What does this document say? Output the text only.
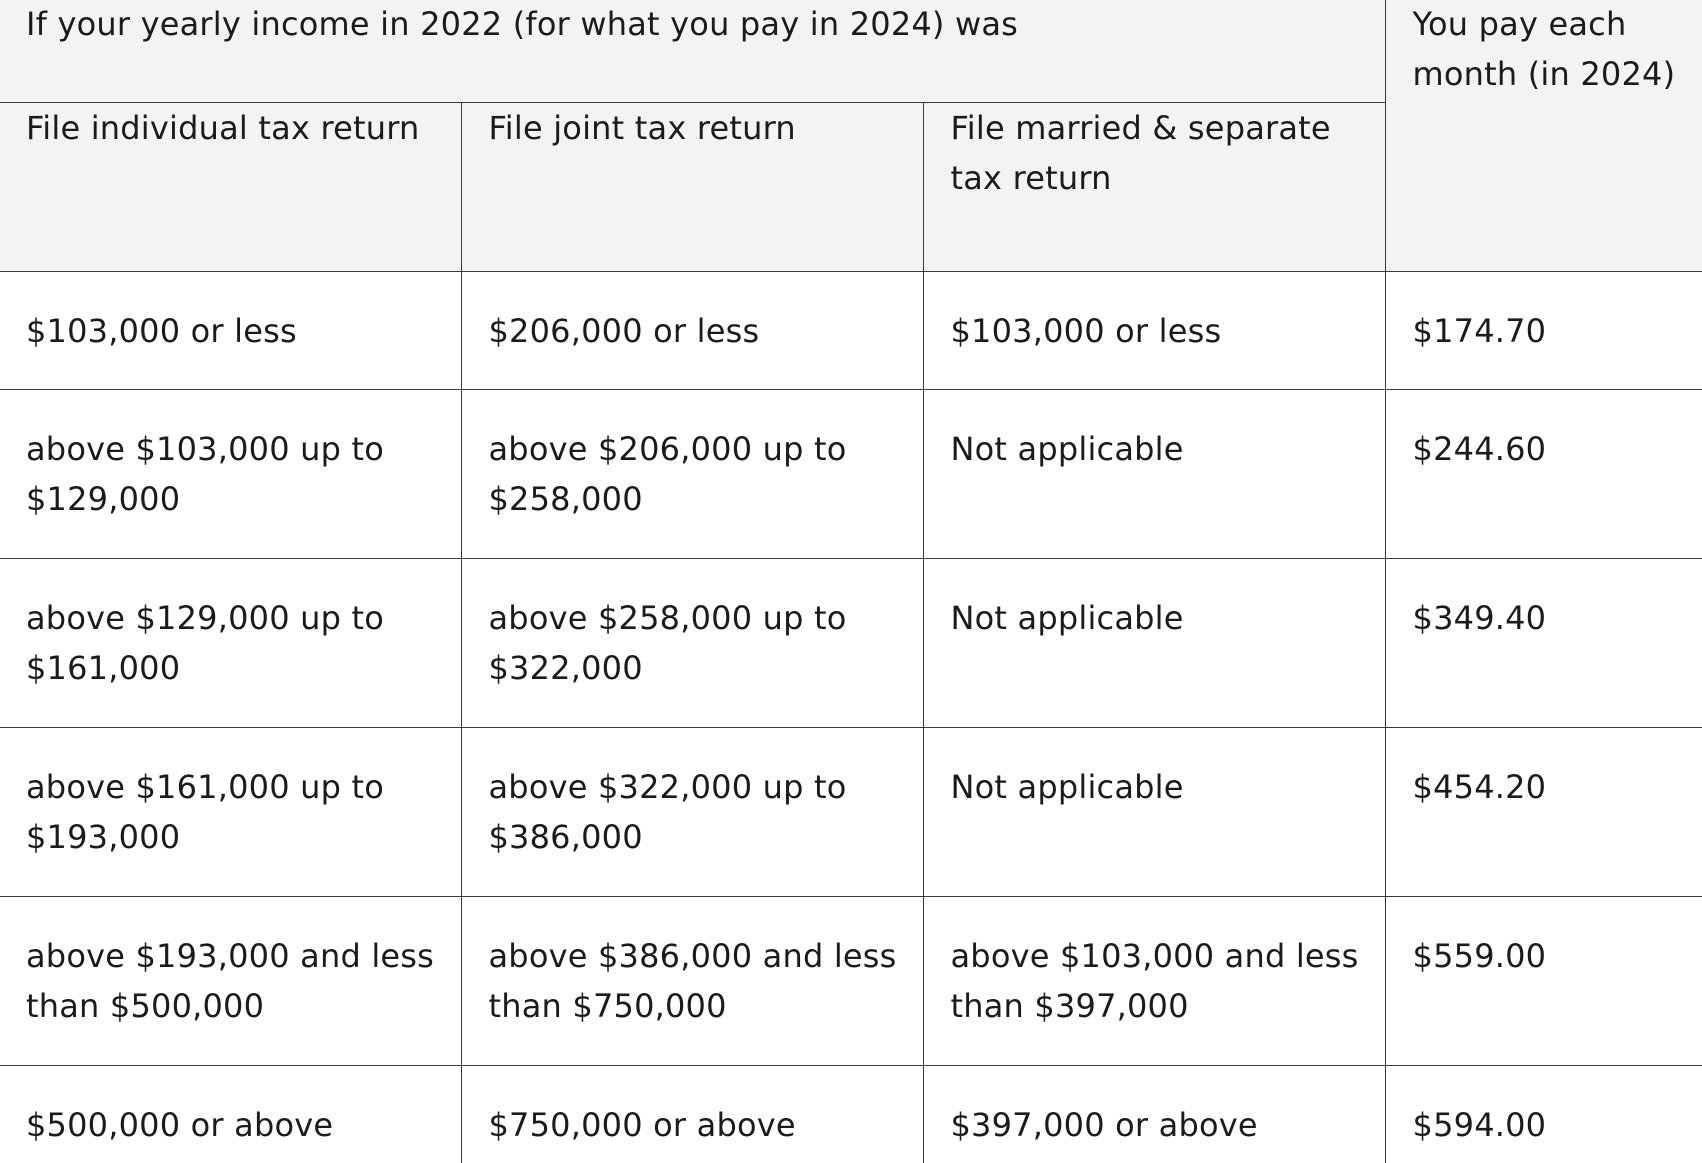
If your yearly income in 2022 (for what you pay in 2024) was			You pay each month (in 2024)
File individual tax return	File joint tax return	File married & separate tax return	
$103,000 or less	$206,000 or less	$103,000 or less	$174.70
above $103,000 up to $129,000	above $206,000 up to $258,000	Not applicable	$244.60
above $129,000 up to $161,000	above $258,000 up to $322,000	Not applicable	$349.40
above $161,000 up to $193,000	above $322,000 up to $386,000	Not applicable	$454.20
above $193,000 and less than $500,000	above $386,000 and less than $750,000	above $103,000 and less than $397,000	$559.00
$500,000 or above	$750,000 or above	$397,000 or above	$594.00
